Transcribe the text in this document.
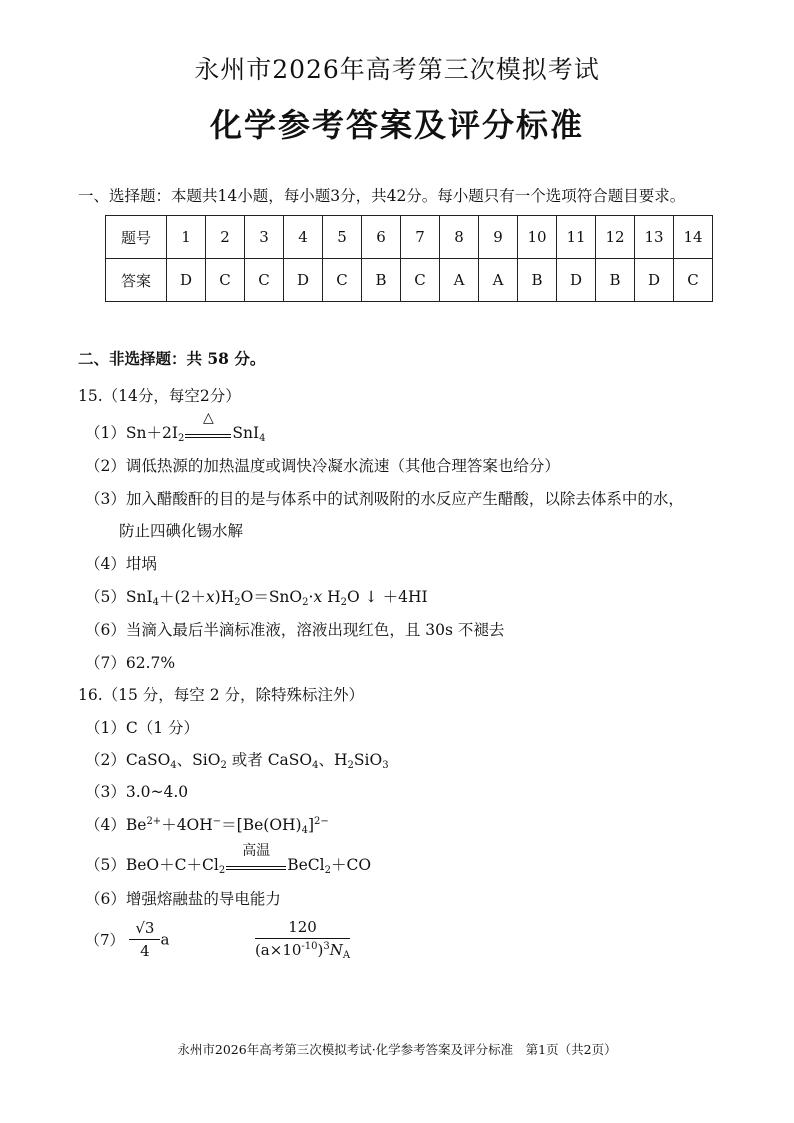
永州市2026年高考第三次模拟考试
化学参考答案及评分标准
一、选择题：本题共14小题，每小题3分，共42分。每小题只有一个选项符合题目要求。
题号	1	2	3	4	5	6	7	8	9	10	11	12	13	14
答案	D	C	C	D	C	B	C	A	A	B	D	B	D	C
二、非选择题：共 58 分。
15.（14分，每空2分）
$(1)Sn+2I_2$
△
SnI$_4$
（2）调低热源的加热温度或调快冷凝水流速（其他合理答案也给分）
（3）加入醋酸酐的目的是与体系中的试剂吸附的水反应产生醋酸，以除去体系中的水，
防止四碘化锡水解
（4）坩埚
$(5)SnI_4+(2+x)H_2O=SnO_2\cdot x$ $H_2O$ ↓ ＋4HI
（6）当滴入最后半滴标准液，溶液出现红色，且 30s 不褪去
（7）62.7%
16.（15 分，每空 2 分，除特殊标注外）
（1）C（1 分）
（2）CaSO$_4$、SiO$_2$ 或者 CaSO$_4$、$H_2SiO_3$
（3）3.0~4.0
$(4)Be^{2+}+4OH^-=[Be(OH)_4]^{2-}$
$(5)BeO+C+Cl_2$
高温
BeCl$_2$＋CO
（6）增强熔融盐的导电能力
$(7) \frac{√3}{4}$ a	$\frac{120}{(a\times 10^{-10})^3N_A}$
永州市2026年高考第三次模拟考试·化学参考答案及评分标准　第1页（共2页）
